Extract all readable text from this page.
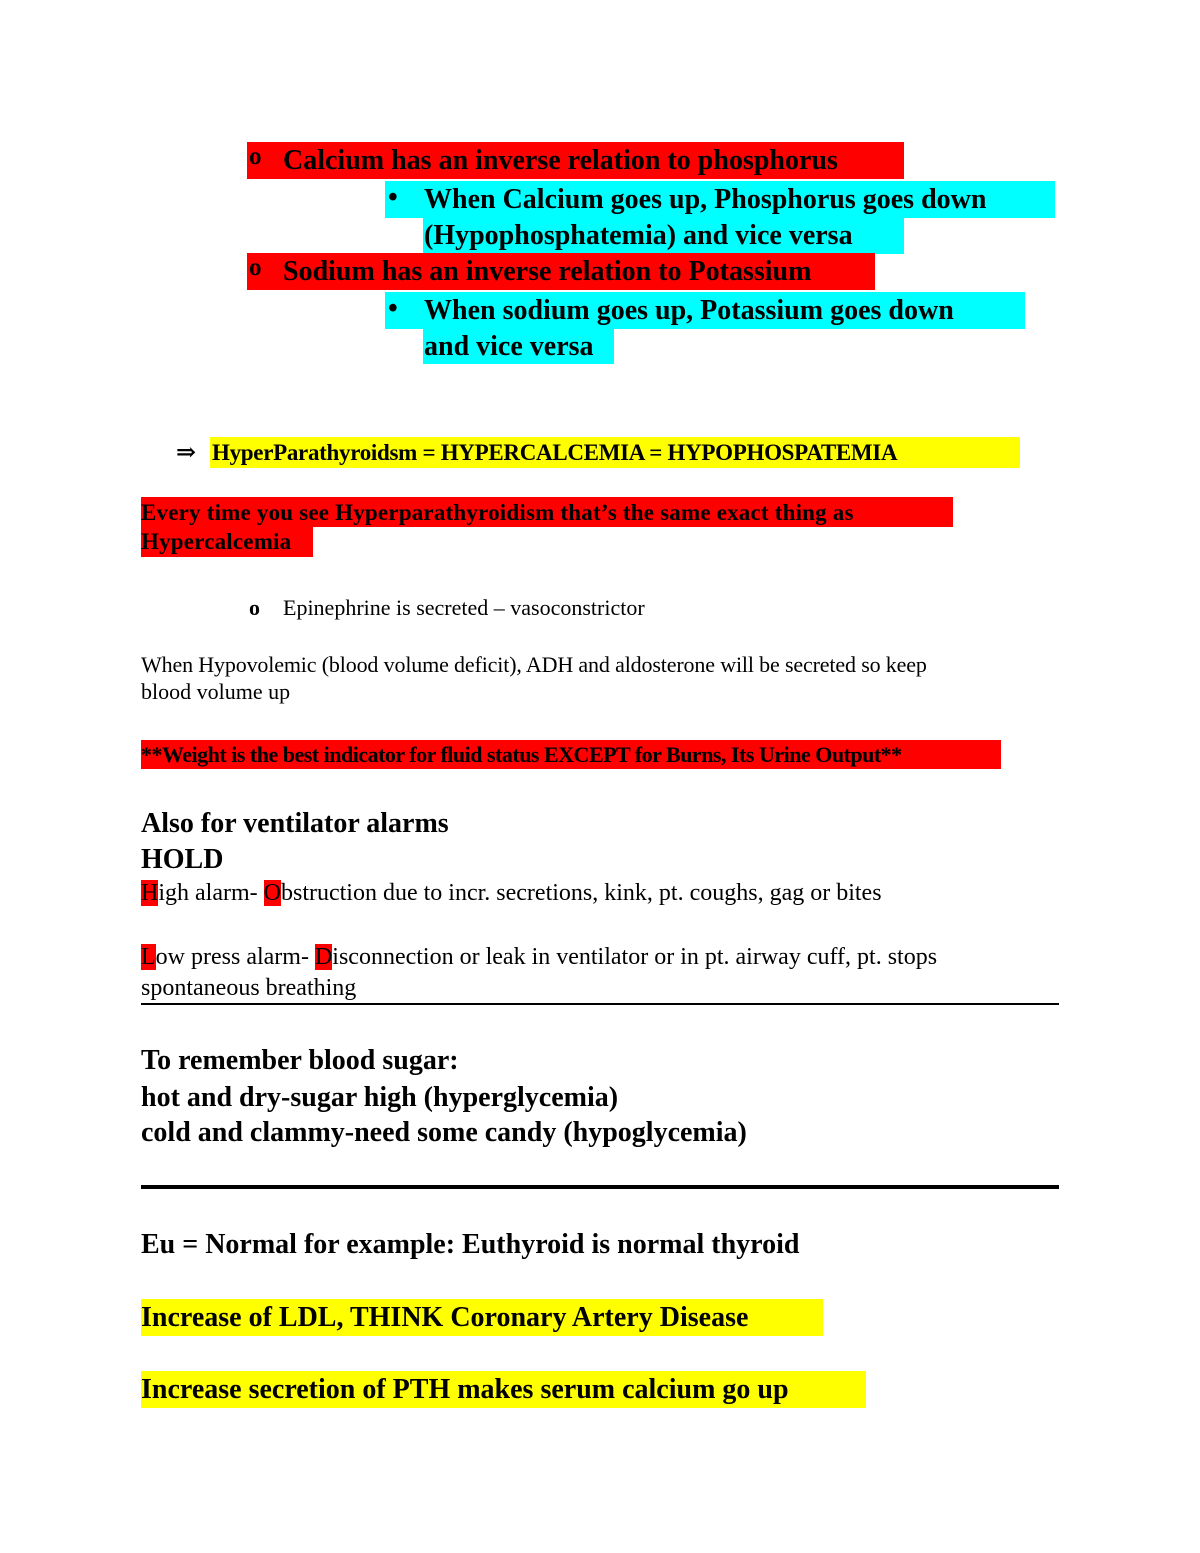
o Calcium has an inverse relation to phosphorus
• When Calcium goes up, Phosphorus goes down
(Hypophosphatemia) and vice versa
o Sodium has an inverse relation to Potassium
• When sodium goes up, Potassium goes down
and vice versa
⇒ HyperParathyroidsm = HYPERCALCEMIA = HYPOPHOSPATEMIA
Every time you see Hyperparathyroidism that’s the same exact thing as
Hypercalcemia
o Epinephrine is secreted – vasoconstrictor
When Hypovolemic (blood volume deficit), ADH and aldosterone will be secreted so keep
blood volume up
**Weight is the best indicator for fluid status EXCEPT for Burns, Its Urine Output**
Also for ventilator alarms
HOLD
High alarm- Obstruction due to incr. secretions, kink, pt. coughs, gag or bites
Low press alarm- Disconnection or leak in ventilator or in pt. airway cuff, pt. stops
spontaneous breathing
To remember blood sugar:
hot and dry-sugar high (hyperglycemia)
cold and clammy-need some candy (hypoglycemia)
Eu = Normal for example: Euthyroid is normal thyroid
Increase of LDL, THINK Coronary Artery Disease
Increase secretion of PTH makes serum calcium go up
